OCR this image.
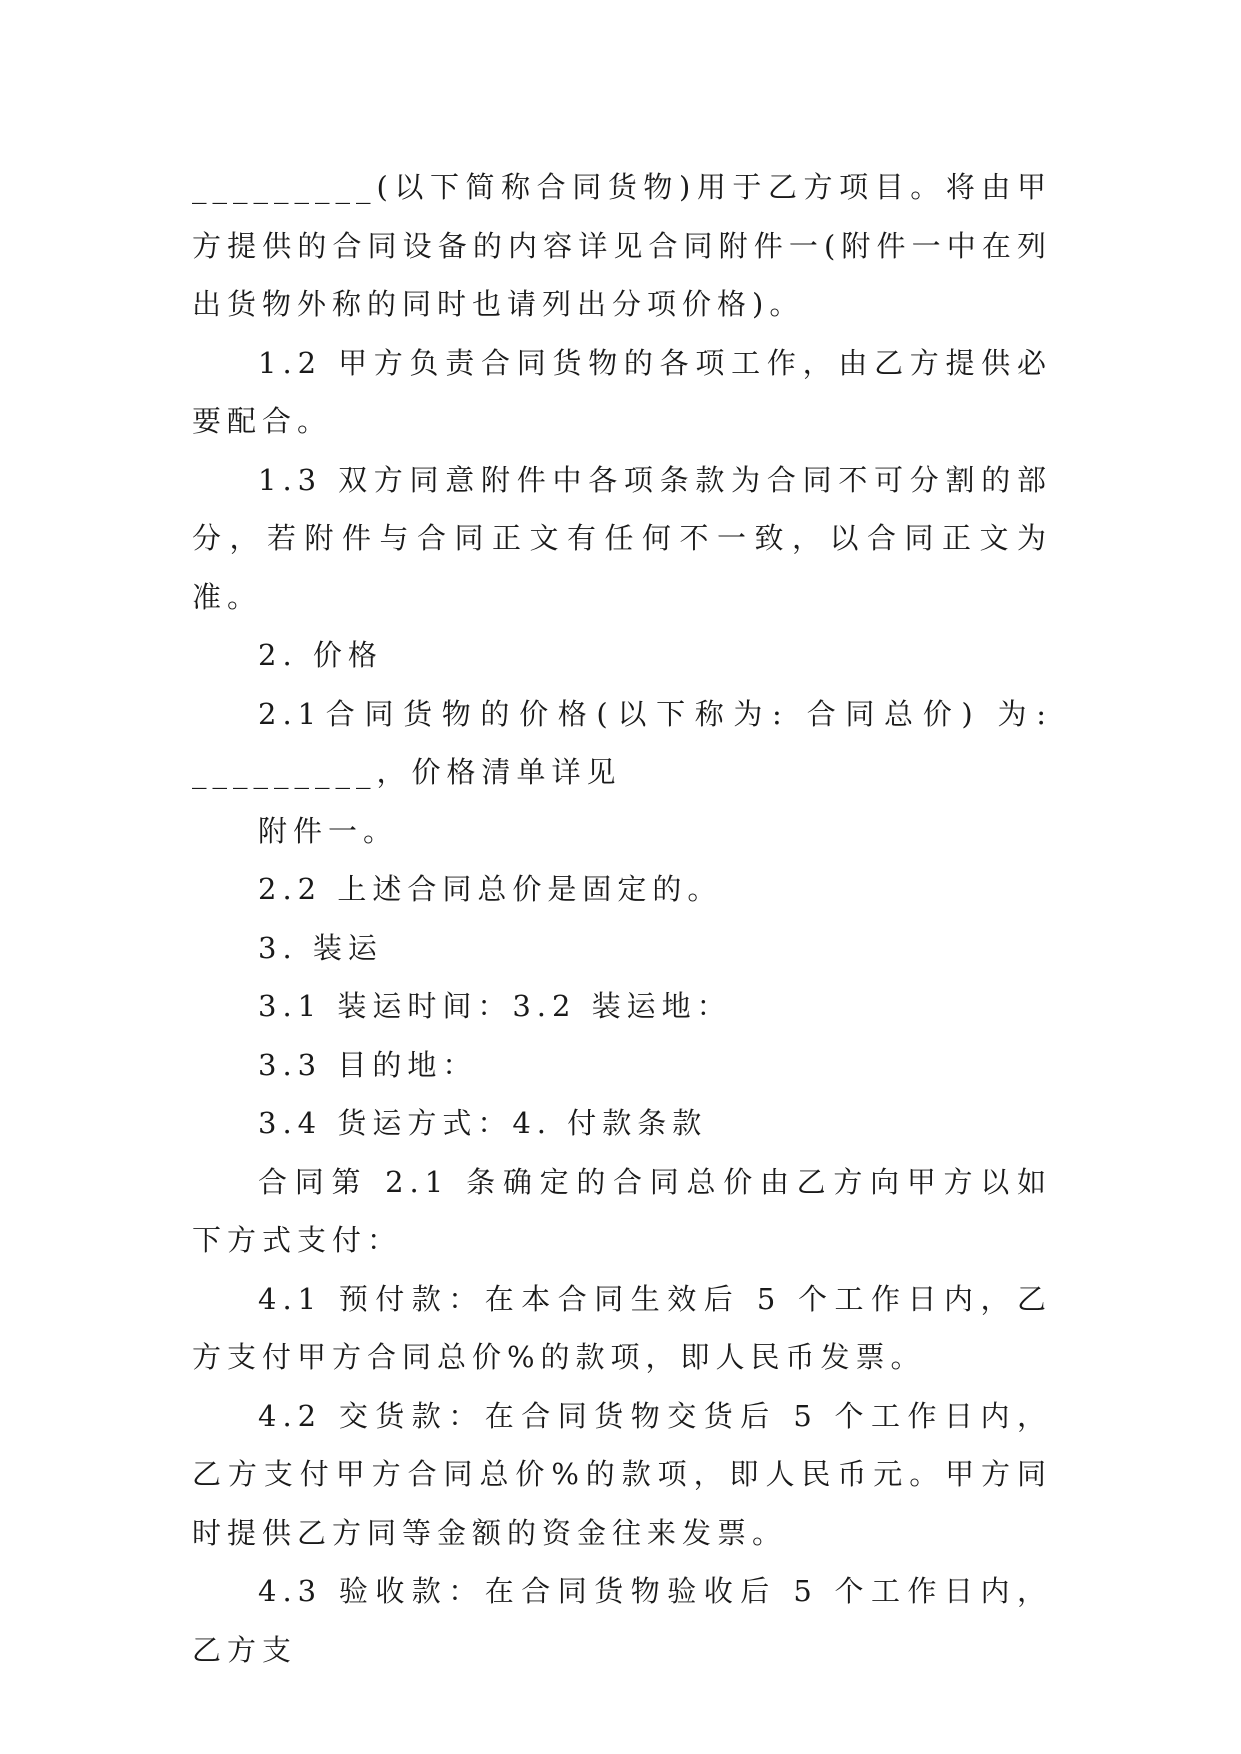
_________(以下简称合同货物)用于乙方项目。将由甲方提供的合同设备的内容详见合同附件一(附件一中在列出货物外称的同时也请列出分项价格)。

1.2 甲方负责合同货物的各项工作，由乙方提供必要配合。

1.3 双方同意附件中各项条款为合同不可分割的部分，若附件与合同正文有任何不一致，以合同正文为准。

2. 价格

2.1合同货物的价格(以下称为: 合同总价) 为: _________，价格清单详见

附件一。

2.2 上述合同总价是固定的。

3. 装运

3.1 装运时间：3.2 装运地：

3.3 目的地：

3.4 货运方式：4. 付款条款

合同第 2.1 条确定的合同总价由乙方向甲方以如下方式支付：

4.1 预付款：在本合同生效后 5 个工作日内，乙方支付甲方合同总价%的款项，即人民币发票。

4.2 交货款：在合同货物交货后 5 个工作日内，乙方支付甲方合同总价%的款项，即人民币元。甲方同时提供乙方同等金额的资金往来发票。

4.3 验收款：在合同货物验收后 5 个工作日内，乙方支
